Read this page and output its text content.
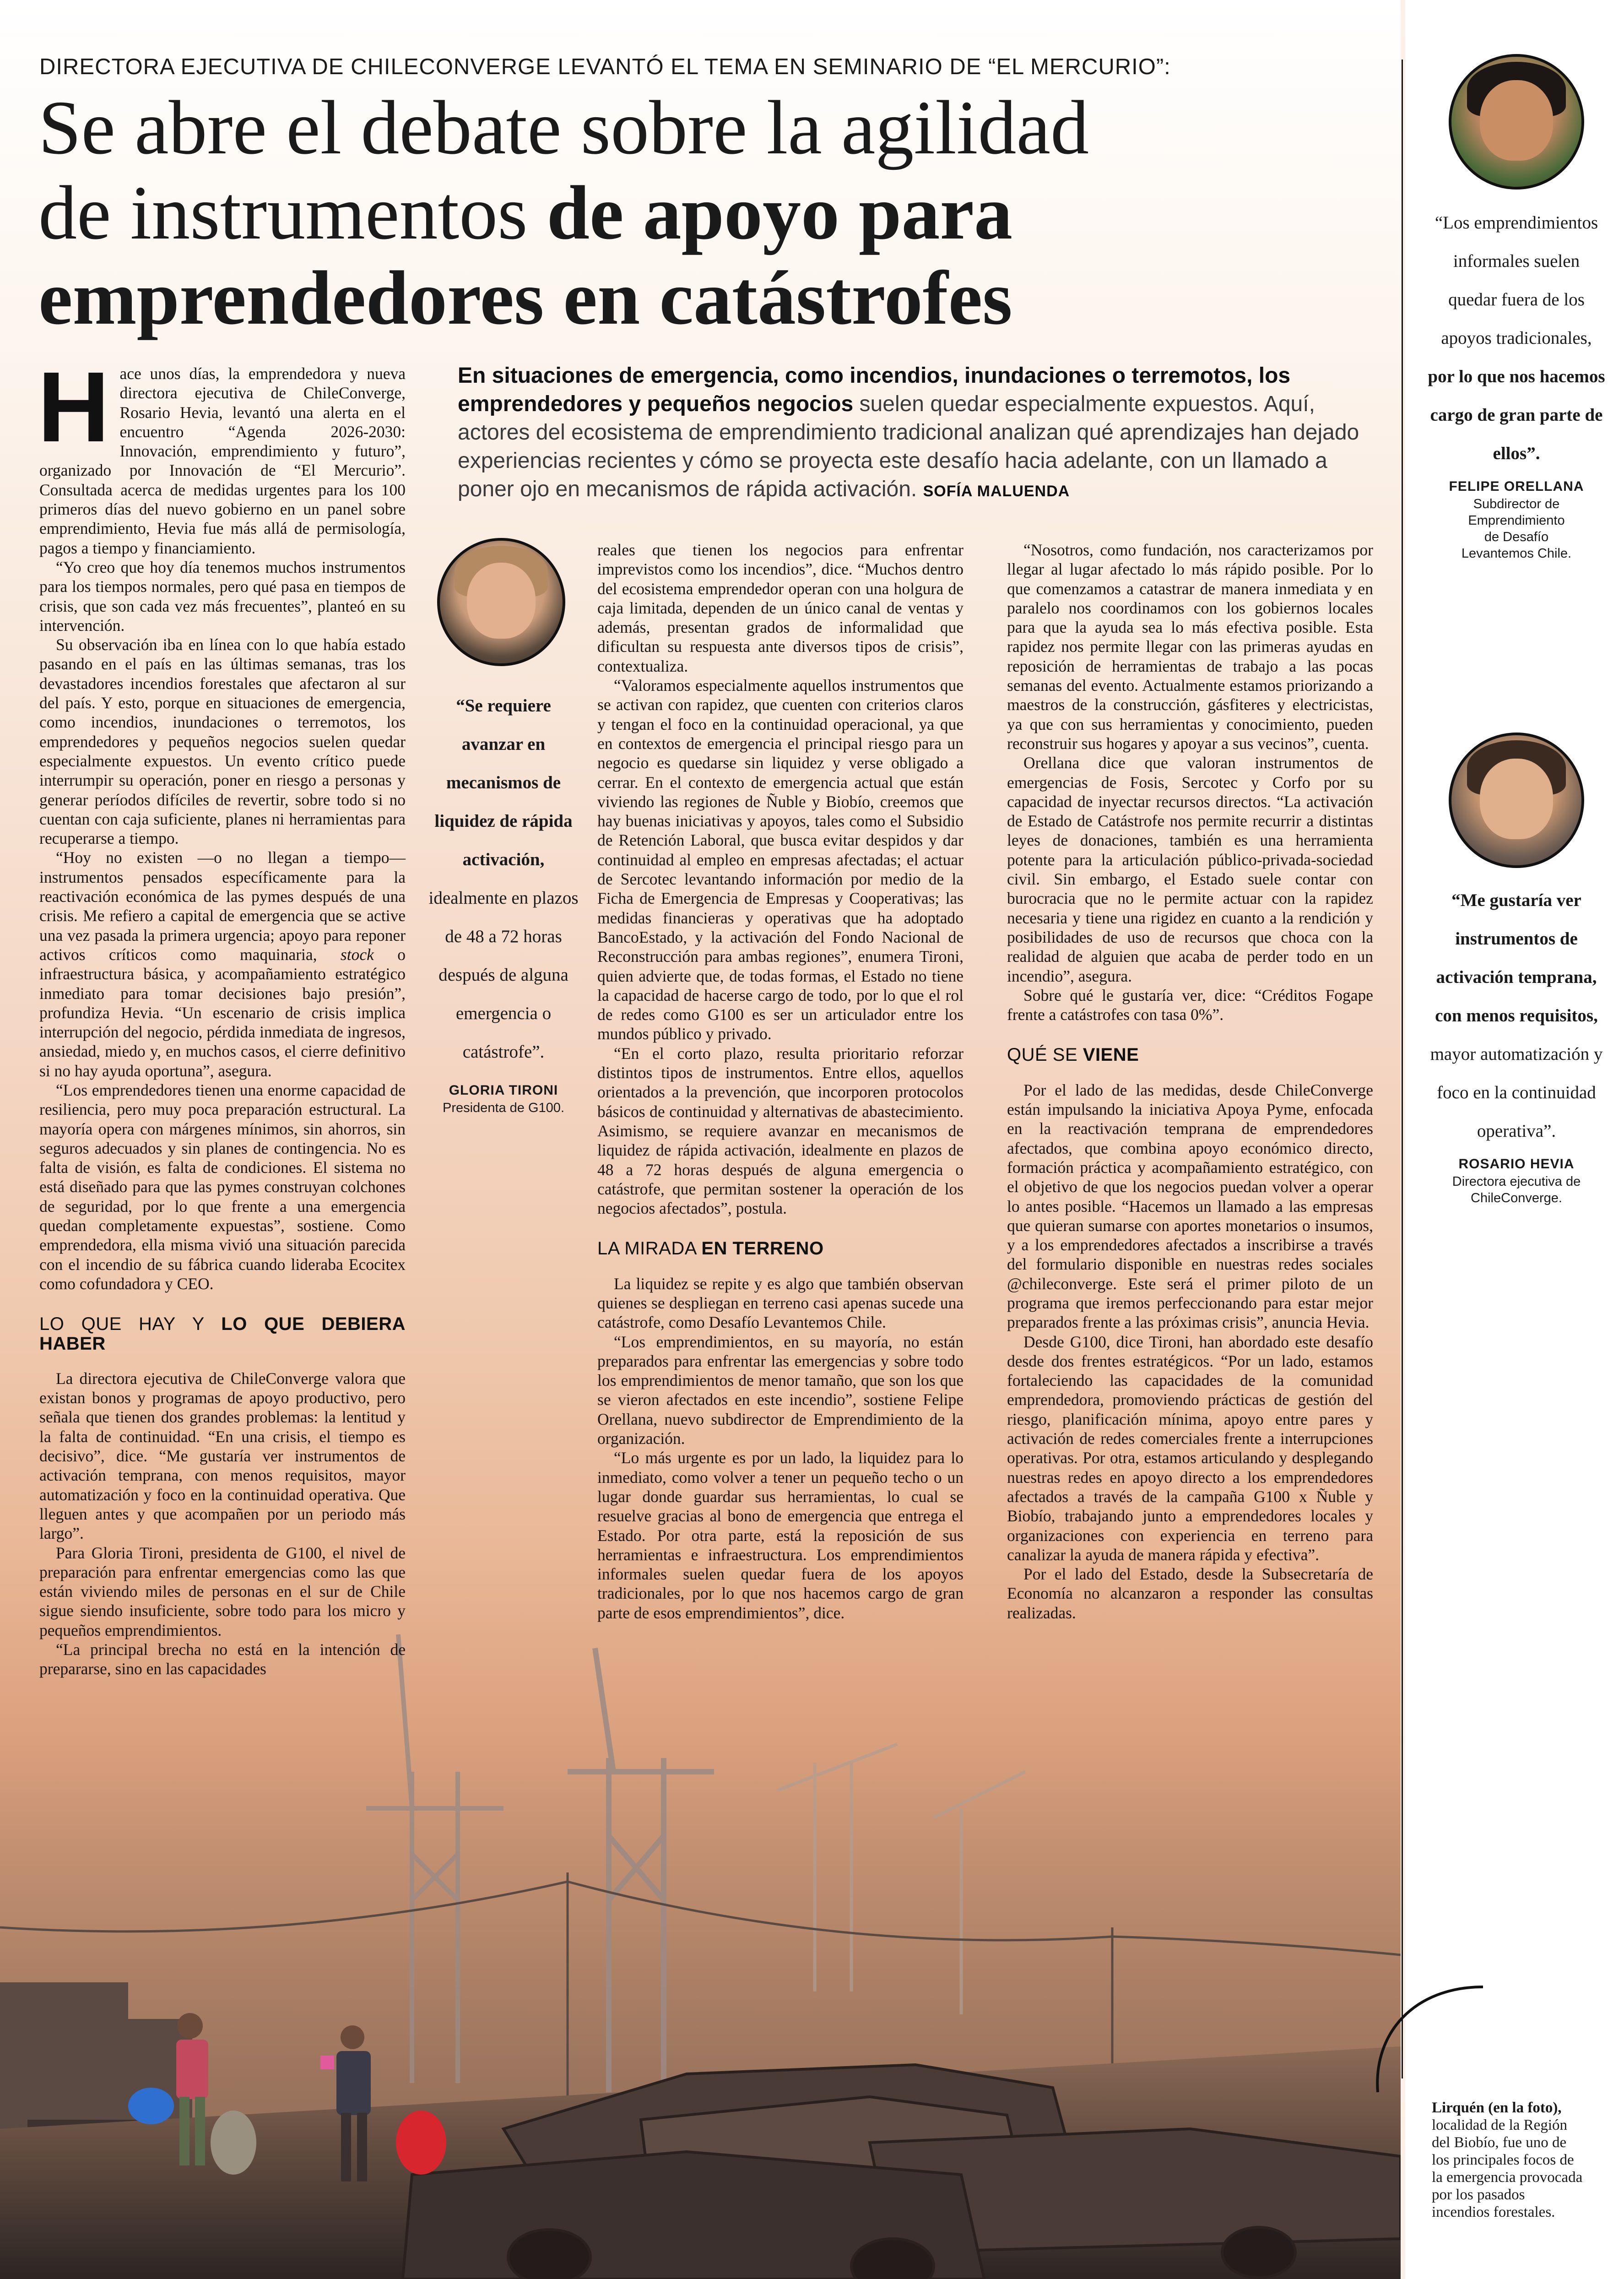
DIRECTORA EJECUTIVA DE CHILECONVERGE LEVANTÓ EL TEMA EN SEMINARIO DE “EL MERCURIO”:
Se abre el debate sobre la agilidad
de instrumentos de apoyo para
emprendedores en catástrofes
En situaciones de emergencia, como incendios, inundaciones o terremotos, los emprendedores y pequeños negocios suelen quedar especialmente expuestos. Aquí, actores del ecosistema de emprendimiento tradicional analizan qué aprendizajes han dejado experiencias recientes y cómo se proyecta este desafío hacia adelante, con un llamado a poner ojo en mecanismos de rápida activación. SOFÍA MALUENDA

Hace unos días, la emprendedora y nueva directora ejecutiva de ChileConverge, Rosario Hevia, levantó una alerta en el encuentro “Agenda 2026-2030: Innovación, emprendimiento y futuro”, organizado por Innovación de “El Mercurio”. Consultada acerca de medidas urgentes para los 100 primeros días del nuevo gobierno en un panel sobre emprendimiento, Hevia fue más allá de permisología, pagos a tiempo y financiamiento.

“Yo creo que hoy día tenemos muchos instrumentos para los tiempos normales, pero qué pasa en tiempos de crisis, que son cada vez más frecuentes”, planteó en su intervención.

Su observación iba en línea con lo que había estado pasando en el país en las últimas semanas, tras los devastadores incendios forestales que afectaron al sur del país. Y esto, porque en situaciones de emergencia, como incendios, inundaciones o terremotos, los emprendedores y pequeños negocios suelen quedar especialmente expuestos. Un evento crítico puede interrumpir su operación, poner en riesgo a personas y generar períodos difíciles de revertir, sobre todo si no cuentan con caja suficiente, planes ni herramientas para recuperarse a tiempo.

“Hoy no existen —o no llegan a tiempo— instrumentos pensados específicamente para la reactivación económica de las pymes después de una crisis. Me refiero a capital de emergencia que se active una vez pasada la primera urgencia; apoyo para reponer activos críticos como maquinaria, stock o infraestructura básica, y acompañamiento estratégico inmediato para tomar decisiones bajo presión”, profundiza Hevia. “Un escenario de crisis implica interrupción del negocio, pérdida inmediata de ingresos, ansiedad, miedo y, en muchos casos, el cierre definitivo si no hay ayuda oportuna”, asegura.

“Los emprendedores tienen una enorme capacidad de resiliencia, pero muy poca preparación estructural. La mayoría opera con márgenes mínimos, sin ahorros, sin seguros adecuados y sin planes de contingencia. No es falta de visión, es falta de condiciones. El sistema no está diseñado para que las pymes construyan colchones de seguridad, por lo que frente a una emergencia quedan completamente expuestas”, sostiene. Como emprendedora, ella misma vivió una situación parecida con el incendio de su fábrica cuando lideraba Ecocitex como cofundadora y CEO.

LO QUE HAY Y LO QUE DEBIERA HABER

La directora ejecutiva de ChileConverge valora que existan bonos y programas de apoyo productivo, pero señala que tienen dos grandes problemas: la lentitud y la falta de continuidad. “En una crisis, el tiempo es decisivo”, dice. “Me gustaría ver instrumentos de activación temprana, con menos requisitos, mayor automatización y foco en la continuidad operativa. Que lleguen antes y que acompañen por un periodo más largo”.

Para Gloria Tironi, presidenta de G100, el nivel de preparación para enfrentar emergencias como las que están viviendo miles de personas en el sur de Chile sigue siendo insuficiente, sobre todo para los micro y pequeños emprendimientos.

“La principal brecha no está en la intención de prepararse, sino en las capacidades

“Se requiere avanzar en mecanismos de liquidez de rápida activación, idealmente en plazos de 48 a 72 horas después de alguna emergencia o catástrofe”.
GLORIA TIRONI
Presidenta de G100.

reales que tienen los negocios para enfrentar imprevistos como los incendios”, dice. “Muchos dentro del ecosistema emprendedor operan con una holgura de caja limitada, dependen de un único canal de ventas y además, presentan grados de informalidad que dificultan su respuesta ante diversos tipos de crisis”, contextualiza.

“Valoramos especialmente aquellos instrumentos que se activan con rapidez, que cuenten con criterios claros y tengan el foco en la continuidad operacional, ya que en contextos de emergencia el principal riesgo para un negocio es quedarse sin liquidez y verse obligado a cerrar. En el contexto de emergencia actual que están viviendo las regiones de Ñuble y Biobío, creemos que hay buenas iniciativas y apoyos, tales como el Subsidio de Retención Laboral, que busca evitar despidos y dar continuidad al empleo en empresas afectadas; el actuar de Sercotec levantando información por medio de la Ficha de Emergencia de Empresas y Cooperativas; las medidas financieras y operativas que ha adoptado BancoEstado, y la activación del Fondo Nacional de Reconstrucción para ambas regiones”, enumera Tironi, quien advierte que, de todas formas, el Estado no tiene la capacidad de hacerse cargo de todo, por lo que el rol de redes como G100 es ser un articulador entre los mundos público y privado.

“En el corto plazo, resulta prioritario reforzar distintos tipos de instrumentos. Entre ellos, aquellos orientados a la prevención, que incorporen protocolos básicos de continuidad y alternativas de abastecimiento. Asimismo, se requiere avanzar en mecanismos de liquidez de rápida activación, idealmente en plazos de 48 a 72 horas después de alguna emergencia o catástrofe, que permitan sostener la operación de los negocios afectados”, postula.

LA MIRADA EN TERRENO

La liquidez se repite y es algo que también observan quienes se despliegan en terreno casi apenas sucede una catástrofe, como Desafío Levantemos Chile.

“Los emprendimientos, en su mayoría, no están preparados para enfrentar las emergencias y sobre todo los emprendimientos de menor tamaño, que son los que se vieron afectados en este incendio”, sostiene Felipe Orellana, nuevo subdirector de Emprendimiento de la organización.

“Lo más urgente es por un lado, la liquidez para lo inmediato, como volver a tener un pequeño techo o un lugar donde guardar sus herramientas, lo cual se resuelve gracias al bono de emergencia que entrega el Estado. Por otra parte, está la reposición de sus herramientas e infraestructura. Los emprendimientos informales suelen quedar fuera de los apoyos tradicionales, por lo que nos hacemos cargo de gran parte de esos emprendimientos”, dice.

“Nosotros, como fundación, nos caracterizamos por llegar al lugar afectado lo más rápido posible. Por lo que comenzamos a catastrar de manera inmediata y en paralelo nos coordinamos con los gobiernos locales para que la ayuda sea lo más efectiva posible. Esta rapidez nos permite llegar con las primeras ayudas en reposición de herramientas de trabajo a las pocas semanas del evento. Actualmente estamos priorizando a maestros de la construcción, gásfiteres y electricistas, ya que con sus herramientas y conocimiento, pueden reconstruir sus hogares y apoyar a sus vecinos”, cuenta.

Orellana dice que valoran instrumentos de emergencias de Fosis, Sercotec y Corfo por su capacidad de inyectar recursos directos. “La activación de Estado de Catástrofe nos permite recurrir a distintas leyes de donaciones, también es una herramienta potente para la articulación público-privada-sociedad civil. Sin embargo, el Estado suele contar con burocracia que no le permite actuar con la rapidez necesaria y tiene una rigidez en cuanto a la rendición y posibilidades de uso de recursos que choca con la realidad de alguien que acaba de perder todo en un incendio”, asegura.

Sobre qué le gustaría ver, dice: “Créditos Fogape frente a catástrofes con tasa 0%”.

QUÉ SE VIENE

Por el lado de las medidas, desde ChileConverge están impulsando la iniciativa Apoya Pyme, enfocada en la reactivación temprana de emprendedores afectados, que combina apoyo económico directo, formación práctica y acompañamiento estratégico, con el objetivo de que los negocios puedan volver a operar lo antes posible. “Hacemos un llamado a las empresas que quieran sumarse con aportes monetarios o insumos, y a los emprendedores afectados a inscribirse a través del formulario disponible en nuestras redes sociales @chileconverge. Este será el primer piloto de un programa que iremos perfeccionando para estar mejor preparados frente a las próximas crisis”, anuncia Hevia.

Desde G100, dice Tironi, han abordado este desafío desde dos frentes estratégicos. “Por un lado, estamos fortaleciendo las capacidades de la comunidad emprendedora, promoviendo prácticas de gestión del riesgo, planificación mínima, apoyo entre pares y activación de redes comerciales frente a interrupciones operativas. Por otra, estamos articulando y desplegando nuestras redes en apoyo directo a los emprendedores afectados a través de la campaña G100 x Ñuble y Biobío, trabajando junto a emprendedores locales y organizaciones con experiencia en terreno para canalizar la ayuda de manera rápida y efectiva”.

Por el lado del Estado, desde la Subsecretaría de Economía no alcanzaron a responder las consultas realizadas.

“Los emprendimientos informales suelen quedar fuera de los apoyos tradicionales, por lo que nos hacemos cargo de gran parte de ellos”.
FELIPE ORELLANA
Subdirector de Emprendimiento de Desafío Levantemos Chile.
“Me gustaría ver instrumentos de activación temprana, con menos requisitos, mayor automatización y foco en la continuidad operativa”.
ROSARIO HEVIA
Directora ejecutiva de ChileConverge.
Lirquén (en la foto), localidad de la Región del Biobío, fue uno de los principales focos de la emergencia provocada por los pasados incendios forestales.
